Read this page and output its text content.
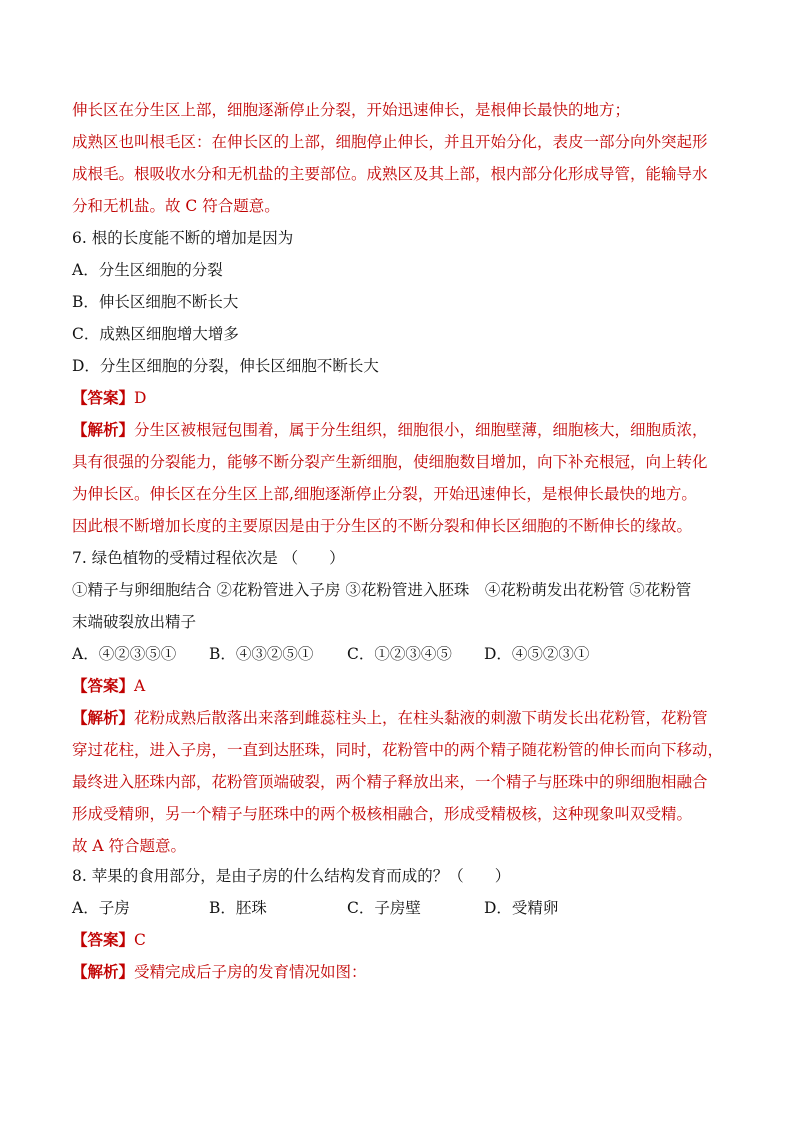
伸长区在分生区上部，细胞逐渐停止分裂，开始迅速伸长，是根伸长最快的地方；
成熟区也叫根毛区：在伸长区的上部，细胞停止伸长，并且开始分化，表皮一部分向外突起形
成根毛。根吸收水分和无机盐的主要部位。成熟区及其上部，根内部分化形成导管，能输导水
分和无机盐。故 C 符合题意。
6. 根的长度能不断的增加是因为
A．分生区细胞的分裂
B．伸长区细胞不断长大
C．成熟区细胞增大增多
D．分生区细胞的分裂，伸长区细胞不断长大
【答案】D
【解析】分生区被根冠包围着，属于分生组织，细胞很小，细胞壁薄，细胞核大，细胞质浓，
具有很强的分裂能力，能够不断分裂产生新细胞，使细胞数目增加，向下补充根冠，向上转化
为伸长区。伸长区在分生区上部,细胞逐渐停止分裂，开始迅速伸长，是根伸长最快的地方。
因此根不断增加长度的主要原因是由于分生区的不断分裂和伸长区细胞的不断伸长的缘故。
7. 绿色植物的受精过程依次是 （　　）
①精子与卵细胞结合 ②花粉管进入子房 ③花粉管进入胚珠　④花粉萌发出花粉管 ⑤花粉管
末端破裂放出精子
A．④②③⑤①	B．④③②⑤①	C．①②③④⑤	D．④⑤②③①
【答案】A
【解析】花粉成熟后散落出来落到雌蕊柱头上，在柱头黏液的刺激下萌发长出花粉管，花粉管
穿过花柱，进入子房，一直到达胚珠，同时，花粉管中的两个精子随花粉管的伸长而向下移动，
最终进入胚珠内部，花粉管顶端破裂，两个精子释放出来，一个精子与胚珠中的卵细胞相融合
形成受精卵，另一个精子与胚珠中的两个极核相融合，形成受精极核，这种现象叫双受精。
故 A 符合题意。
8. 苹果的食用部分，是由子房的什么结构发育而成的？（　　）
A．子房	B．胚珠	C．子房壁	D．受精卵
【答案】C
【解析】受精完成后子房的发育情况如图：
